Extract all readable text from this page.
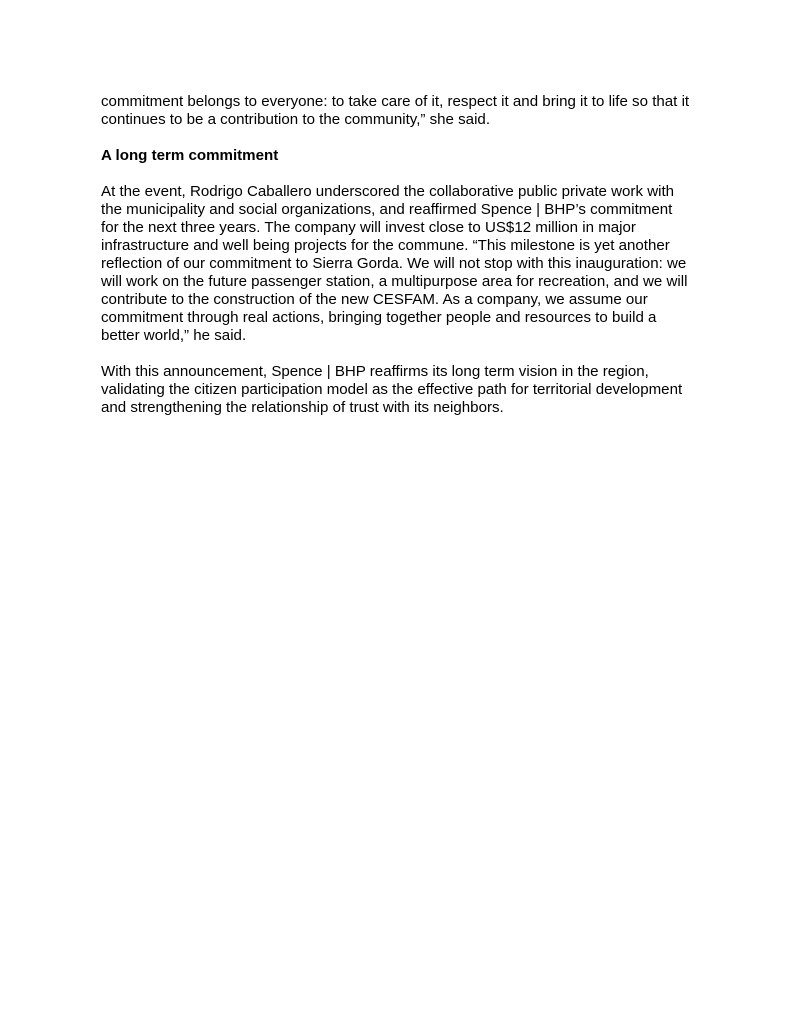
commitment belongs to everyone: to take care of it, respect it and bring it to life so that it
continues to be a contribution to the community,” she said.

A long term commitment

At the event, Rodrigo Caballero underscored the collaborative public private work with
the municipality and social organizations, and reaffirmed Spence | BHP’s commitment
for the next three years. The company will invest close to US$12 million in major
infrastructure and well being projects for the commune. “This milestone is yet another
reflection of our commitment to Sierra Gorda. We will not stop with this inauguration: we
will work on the future passenger station, a multipurpose area for recreation, and we will
contribute to the construction of the new CESFAM. As a company, we assume our
commitment through real actions, bringing together people and resources to build a
better world,” he said.

With this announcement, Spence | BHP reaffirms its long term vision in the region,
validating the citizen participation model as the effective path for territorial development
and strengthening the relationship of trust with its neighbors.
